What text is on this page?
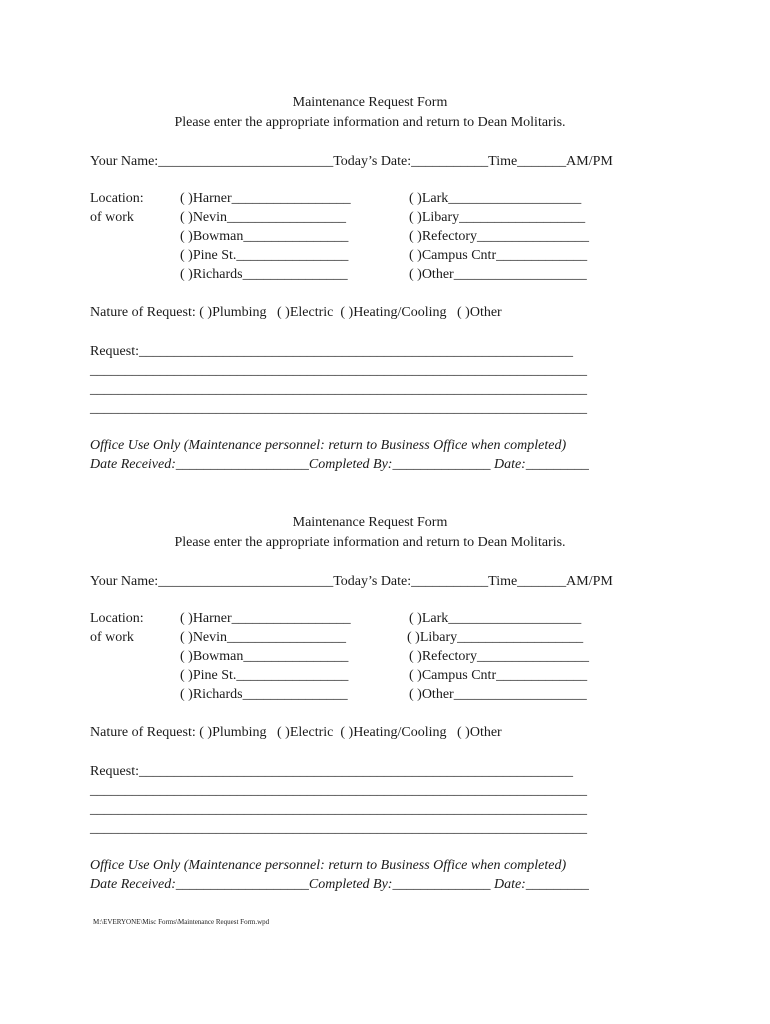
Maintenance Request Form
Please enter the appropriate information and return to Dean Molitaris.
Your Name:_________________________Today’s Date:___________Time_______AM/PM
Location:
of work
( )Harner_________________
( )Nevin_________________
( )Bowman_______________
( )Pine St.________________
( )Richards_______________
( )Lark___________________
( )Libary__________________
( )Refectory________________
( )Campus Cntr_____________
( )Other___________________
Nature of Request: ( )Plumbing   ( )Electric  ( )Heating/Cooling   ( )Other
Request:______________________________________________________________
_______________________________________________________________________
_______________________________________________________________________
_______________________________________________________________________
Office Use Only (Maintenance personnel: return to Business Office when completed)
Date Received:___________________Completed By:______________ Date:_________
Maintenance Request Form
Please enter the appropriate information and return to Dean Molitaris.
Your Name:_________________________Today’s Date:___________Time_______AM/PM
Location:
of work
( )Harner_________________
( )Nevin_________________
( )Bowman_______________
( )Pine St.________________
( )Richards_______________
( )Lark___________________
( )Libary__________________
( )Refectory________________
( )Campus Cntr_____________
( )Other___________________
Nature of Request: ( )Plumbing   ( )Electric  ( )Heating/Cooling   ( )Other
Request:______________________________________________________________
_______________________________________________________________________
_______________________________________________________________________
_______________________________________________________________________
Office Use Only (Maintenance personnel: return to Business Office when completed)
Date Received:___________________Completed By:______________ Date:_________
M:\EVERYONE\Misc Forms\Maintenance Request Form.wpd
